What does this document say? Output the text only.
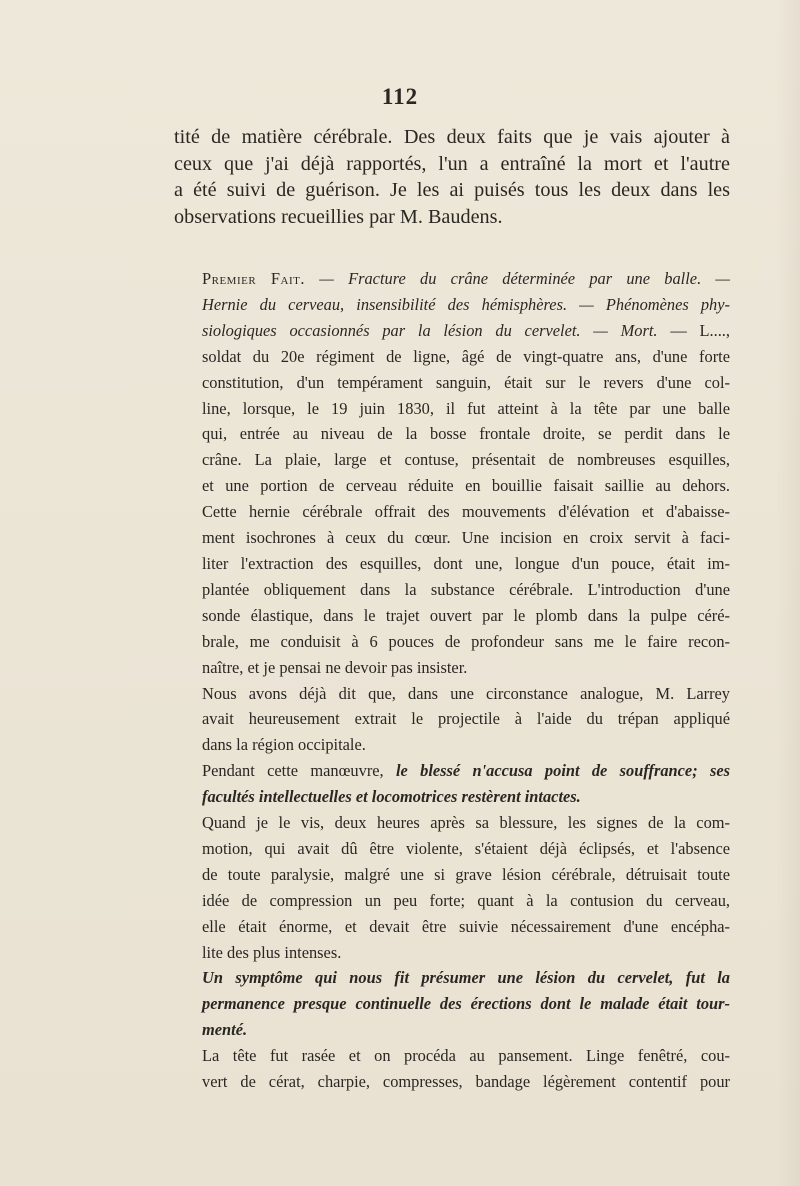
112
tité de matière cérébrale. Des deux faits que je vais ajouter à
ceux que j'ai déjà rapportés, l'un a entraîné la mort et l'autre
a été suivi de guérison. Je les ai puisés tous les deux dans les
observations recueillies par M. Baudens.

Premier Fait. — Fracture du crâne déterminée par une balle. —
Hernie du cerveau, insensibilité des hémisphères. — Phénomènes phy-
siologiques occasionnés par la lésion du cervelet. — Mort. — L....,
soldat du 20e régiment de ligne, âgé de vingt-quatre ans, d'une forte
constitution, d'un tempérament sanguin, était sur le revers d'une col-
line, lorsque, le 19 juin 1830, il fut atteint à la tête par une balle
qui, entrée au niveau de la bosse frontale droite, se perdit dans le
crâne. La plaie, large et contuse, présentait de nombreuses esquilles,
et une portion de cerveau réduite en bouillie faisait saillie au dehors.
Cette hernie cérébrale offrait des mouvements d'élévation et d'abaisse-
ment isochrones à ceux du cœur. Une incision en croix servit à faci-
liter l'extraction des esquilles, dont une, longue d'un pouce, était im-
plantée obliquement dans la substance cérébrale. L'introduction d'une
sonde élastique, dans le trajet ouvert par le plomb dans la pulpe céré-
brale, me conduisit à 6 pouces de profondeur sans me le faire recon-
naître, et je pensai ne devoir pas insister.

Nous avons déjà dit que, dans une circonstance analogue, M. Larrey
avait heureusement extrait le projectile à l'aide du trépan appliqué
dans la région occipitale.

Pendant cette manœuvre, le blessé n'accusa point de souffrance; ses
facultés intellectuelles et locomotrices restèrent intactes.

Quand je le vis, deux heures après sa blessure, les signes de la com-
motion, qui avait dû être violente, s'étaient déjà éclipsés, et l'absence
de toute paralysie, malgré une si grave lésion cérébrale, détruisait toute
idée de compression un peu forte; quant à la contusion du cerveau,
elle était énorme, et devait être suivie nécessairement d'une encépha-
lite des plus intenses.

Un symptôme qui nous fit présumer une lésion du cervelet, fut la
permanence presque continuelle des érections dont le malade était tour-
menté.

La tête fut rasée et on procéda au pansement. Linge fenêtré, cou-
vert de cérat, charpie, compresses, bandage légèrement contentif pour
